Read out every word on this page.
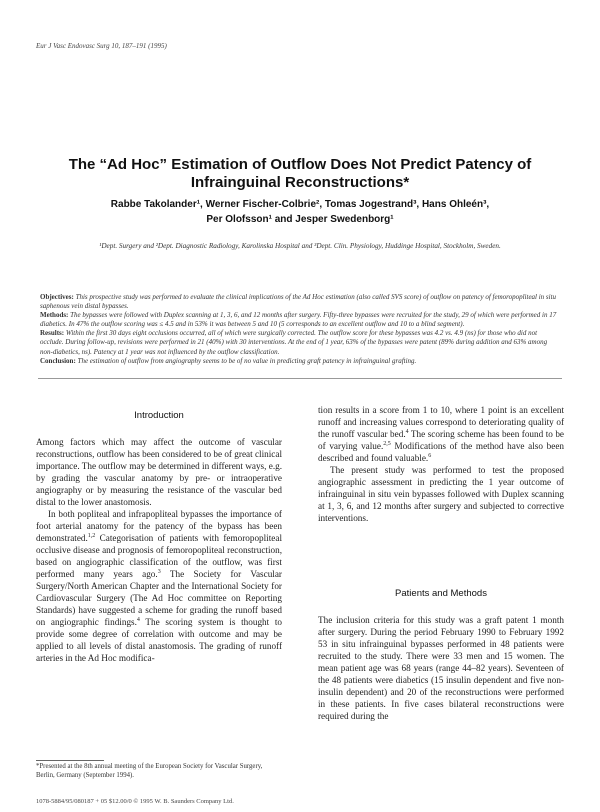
Eur J Vasc Endovasc Surg 10, 187–191 (1995)
The “Ad Hoc” Estimation of Outflow Does Not Predict Patency of Infrainguinal Reconstructions*
Rabbe Takolander¹, Werner Fischer-Colbrie², Tomas Jogestrand³, Hans Ohleén³,
Per Olofsson¹ and Jesper Swedenborg¹
¹Dept. Surgery and ²Dept. Diagnostic Radiology, Karolinska Hospital and ³Dept. Clin. Physiology, Huddinge Hospital, Stockholm, Sweden.

Objectives: This prospective study was performed to evaluate the clinical implications of the Ad Hoc estimation (also called SVS score) of outflow on patency of femoropopliteal in situ saphenous vein distal bypasses.

Methods: The bypasses were followed with Duplex scanning at 1, 3, 6, and 12 months after surgery. Fifty-three bypasses were recruited for the study, 29 of which were performed in 17 diabetics. In 47% the outflow scoring was ≤ 4.5 and in 53% it was between 5 and 10 (5 corresponds to an excellent outflow and 10 to a blind segment).

Results: Within the first 30 days eight occlusions occurred, all of which were surgically corrected. The outflow score for these bypasses was 4.2 vs. 4.9 (ns) for those who did not occlude. During follow-up, revisions were performed in 21 (40%) with 30 interventions. At the end of 1 year, 63% of the bypasses were patent (89% during addition and 63% among non-diabetics, ns). Patency at 1 year was not influenced by the outflow classification.

Conclusion: The estimation of outflow from angiography seems to be of no value in predicting graft patency in infrainguinal grafting.

Introduction

Among factors which may affect the outcome of vascular reconstructions, outflow has been considered to be of great clinical importance. The outflow may be determined in different ways, e.g. by grading the vascular anatomy by pre- or intraoperative angiography or by measuring the resistance of the vascular bed distal to the lower anastomosis.

In both popliteal and infrapopliteal bypasses the importance of foot arterial anatomy for the patency of the bypass has been demonstrated.$^{1,2}$ Categorisation of patients with femoropopliteal occlusive disease and prognosis of femoropopliteal reconstruction, based on angiographic classification of the outflow, was first performed many years ago.$^3$ The Society for Vascular Surgery/North American Chapter and the International Society for Cardiovascular Surgery (The Ad Hoc committee on Reporting Standards) have suggested a scheme for grading the runoff based on angiographic findings.$^4$ The scoring system is thought to provide some degree of correlation with outcome and may be applied to all levels of distal anastomosis. The grading of runoff arteries in the Ad Hoc modifica-

*Presented at the 8th annual meeting of the European Society for Vascular Surgery, Berlin, Germany (September 1994).

tion results in a score from 1 to 10, where 1 point is an excellent runoff and increasing values correspond to deteriorating quality of the runoff vascular bed.$^4$ The scoring scheme has been found to be of varying value.$^{2,5}$ Modifications of the method have also been described and found valuable.$^6$

The present study was performed to test the proposed angiographic assessment in predicting the 1 year outcome of infrainguinal in situ vein bypasses followed with Duplex scanning at 1, 3, 6, and 12 months after surgery and subjected to corrective interventions.

Patients and Methods

The inclusion criteria for this study was a graft patent 1 month after surgery. During the period February 1990 to February 1992 53 in situ infrainguinal bypasses performed in 48 patients were recruited to the study. There were 33 men and 15 women. The mean patient age was 68 years (range 44–82 years). Seventeen of the 48 patients were diabetics (15 insulin dependent and five non-insulin dependent) and 20 of the reconstructions were performed in these patients. In five cases bilateral reconstructions were required during the

1078-5884/95/080187 + 05 $12.00/0 © 1995 W. B. Saunders Company Ltd.
